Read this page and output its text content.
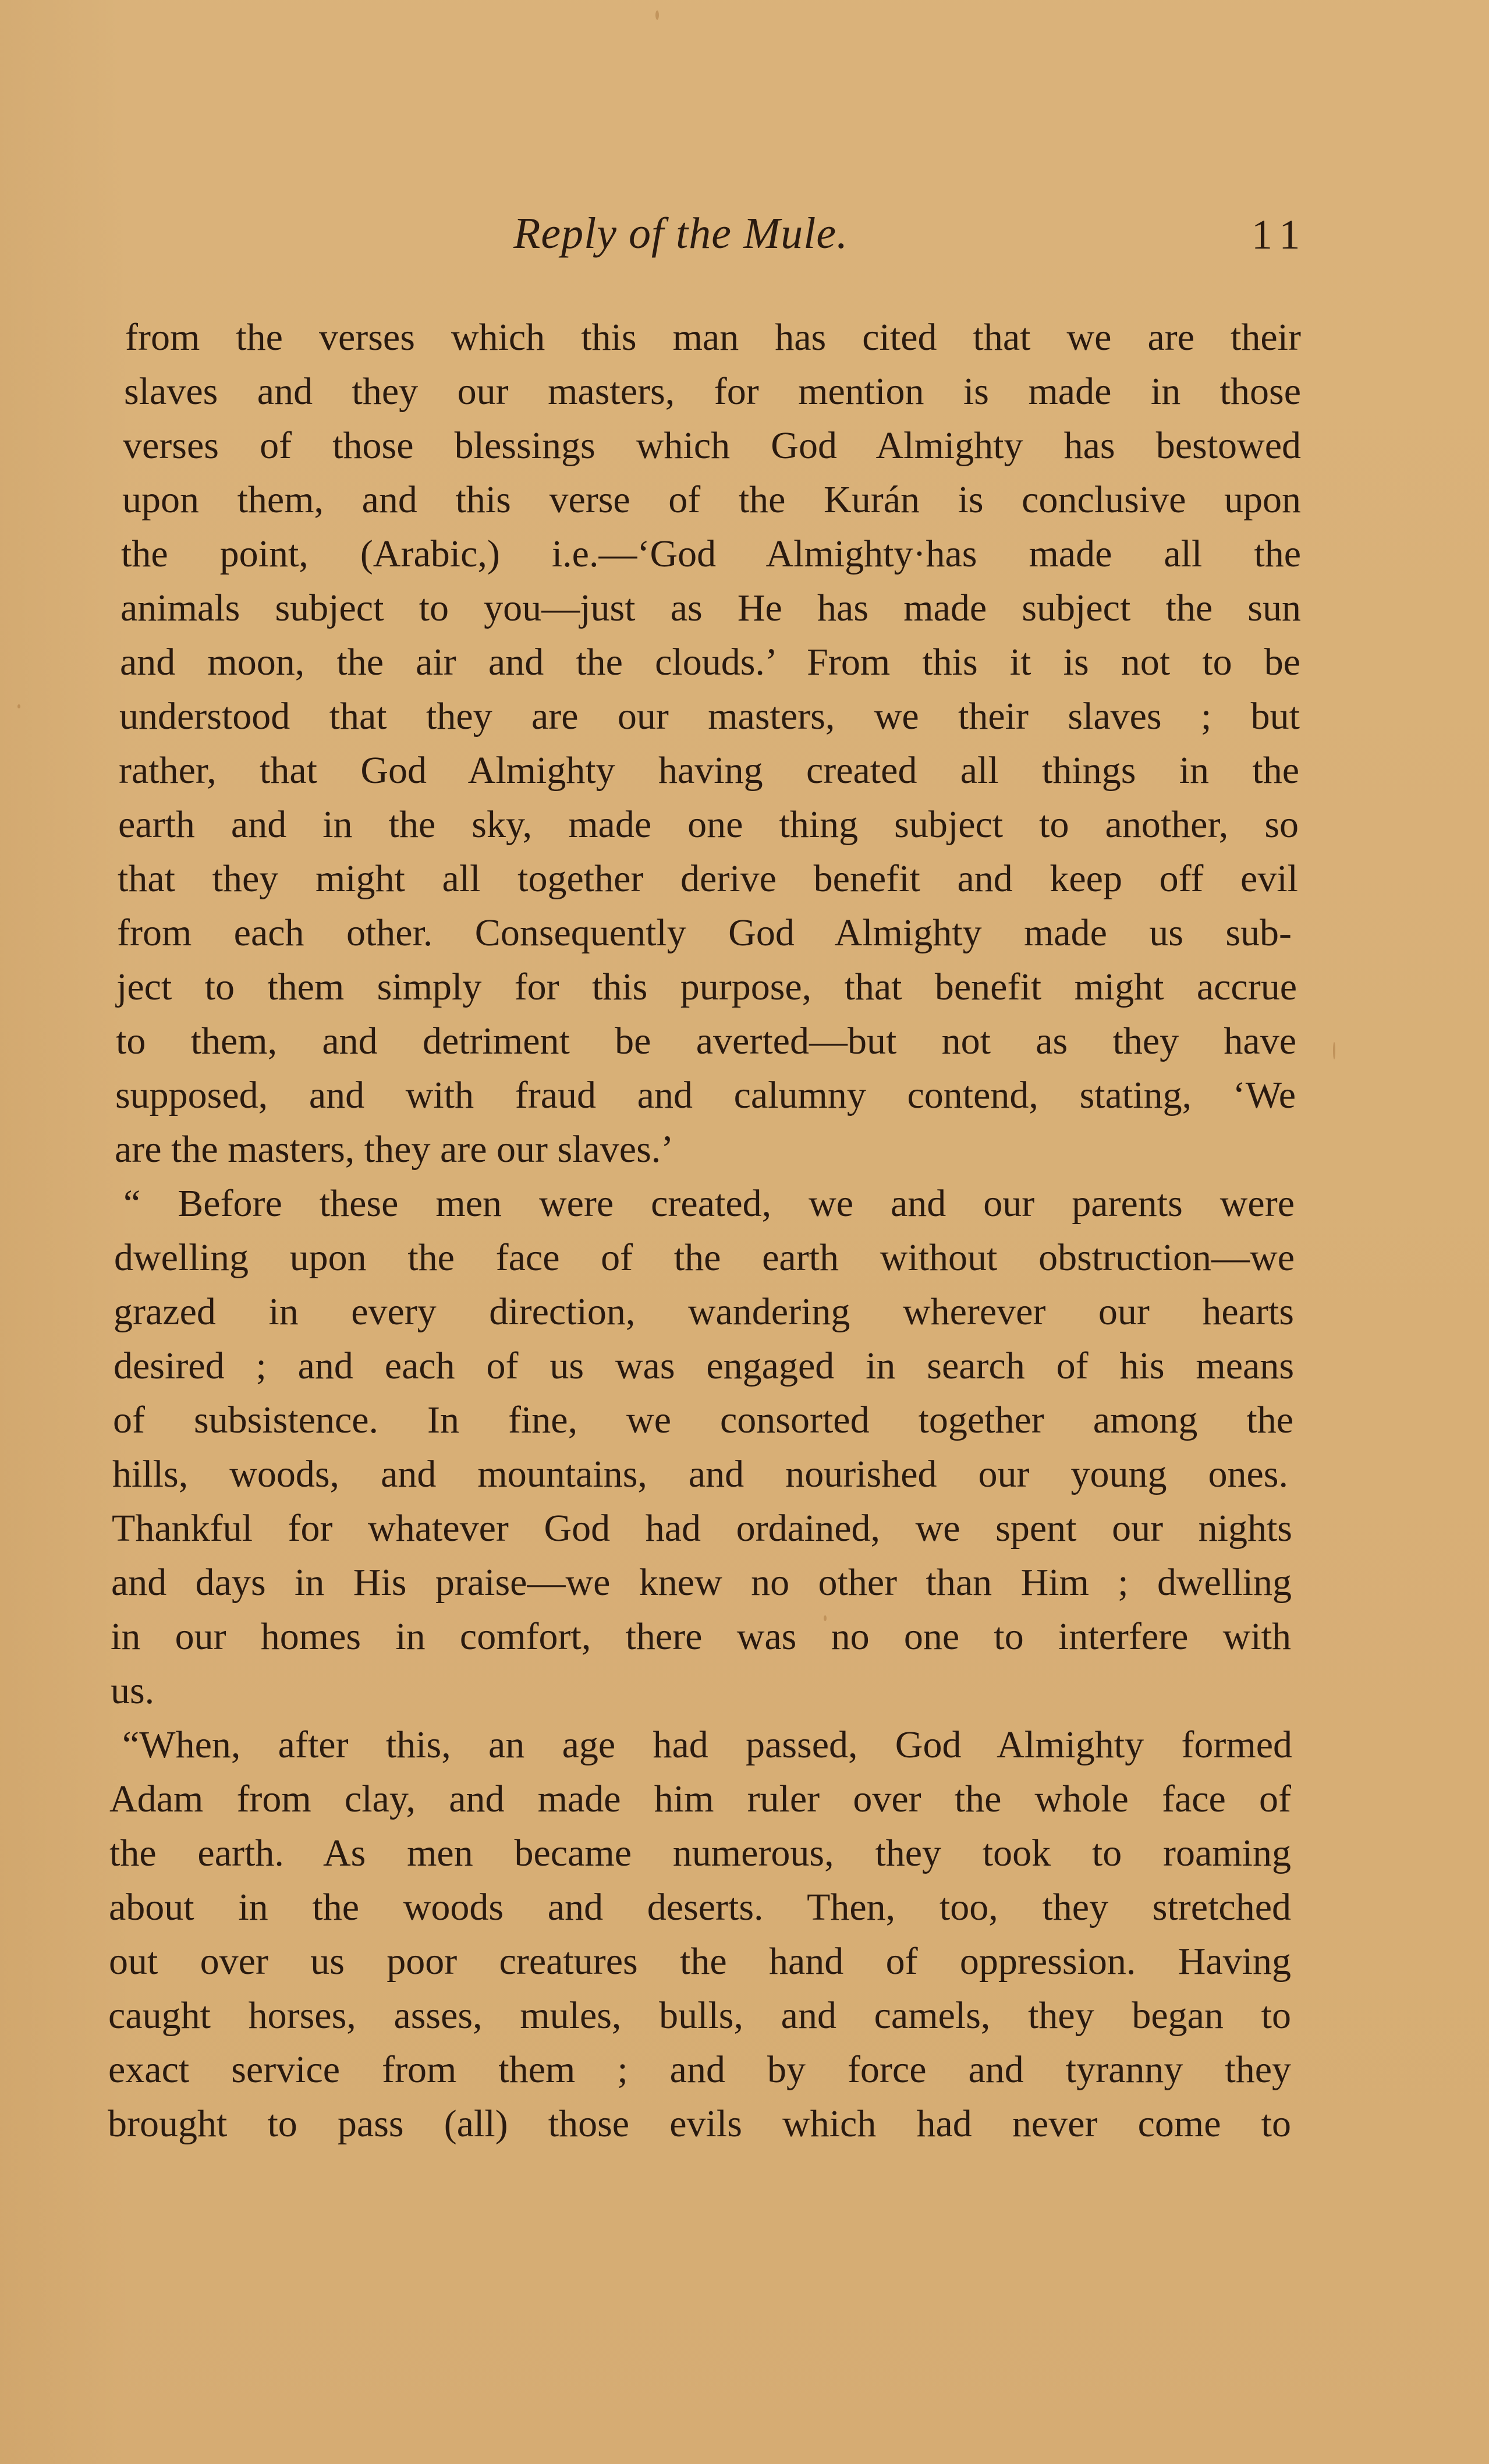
Reply of the Mule.	11
from the verses which this man has cited that we are their
slaves and they our masters, for mention is made in those
verses of those blessings which God Almighty has bestowed
upon them, and this verse of the Kurán is conclusive upon
the point, (Arabic,) i.e.—‘God Almighty·has made all the
animals subject to you—just as He has made subject the sun
and moon, the air and the clouds.’ From this it is not to be
understood that they are our masters, we their slaves ; but
rather, that God Almighty having created all things in the
earth and in the sky, made one thing subject to another, so
that they might all together derive benefit and keep off evil
from each other. Consequently God Almighty made us sub-
ject to them simply for this purpose, that benefit might accrue
to them, and detriment be averted—but not as they have
supposed, and with fraud and calumny contend, stating, ‘We
are the masters, they are our slaves.’
“ Before these men were created, we and our parents were
dwelling upon the face of the earth without obstruction—we
grazed in every direction, wandering wherever our hearts
desired ; and each of us was engaged in search of his means
of subsistence. In fine, we consorted together among the
hills, woods, and mountains, and nourished our young ones.
Thankful for whatever God had ordained, we spent our nights
and days in His praise—we knew no other than Him ; dwelling
in our homes in comfort, there was no one to interfere with
us.
“When, after this, an age had passed, God Almighty formed
Adam from clay, and made him ruler over the whole face of
the earth. As men became numerous, they took to roaming
about in the woods and deserts. Then, too, they stretched
out over us poor creatures the hand of oppression. Having
caught horses, asses, mules, bulls, and camels, they began to
exact service from them ; and by force and tyranny they
brought to pass (all) those evils which had never come to
